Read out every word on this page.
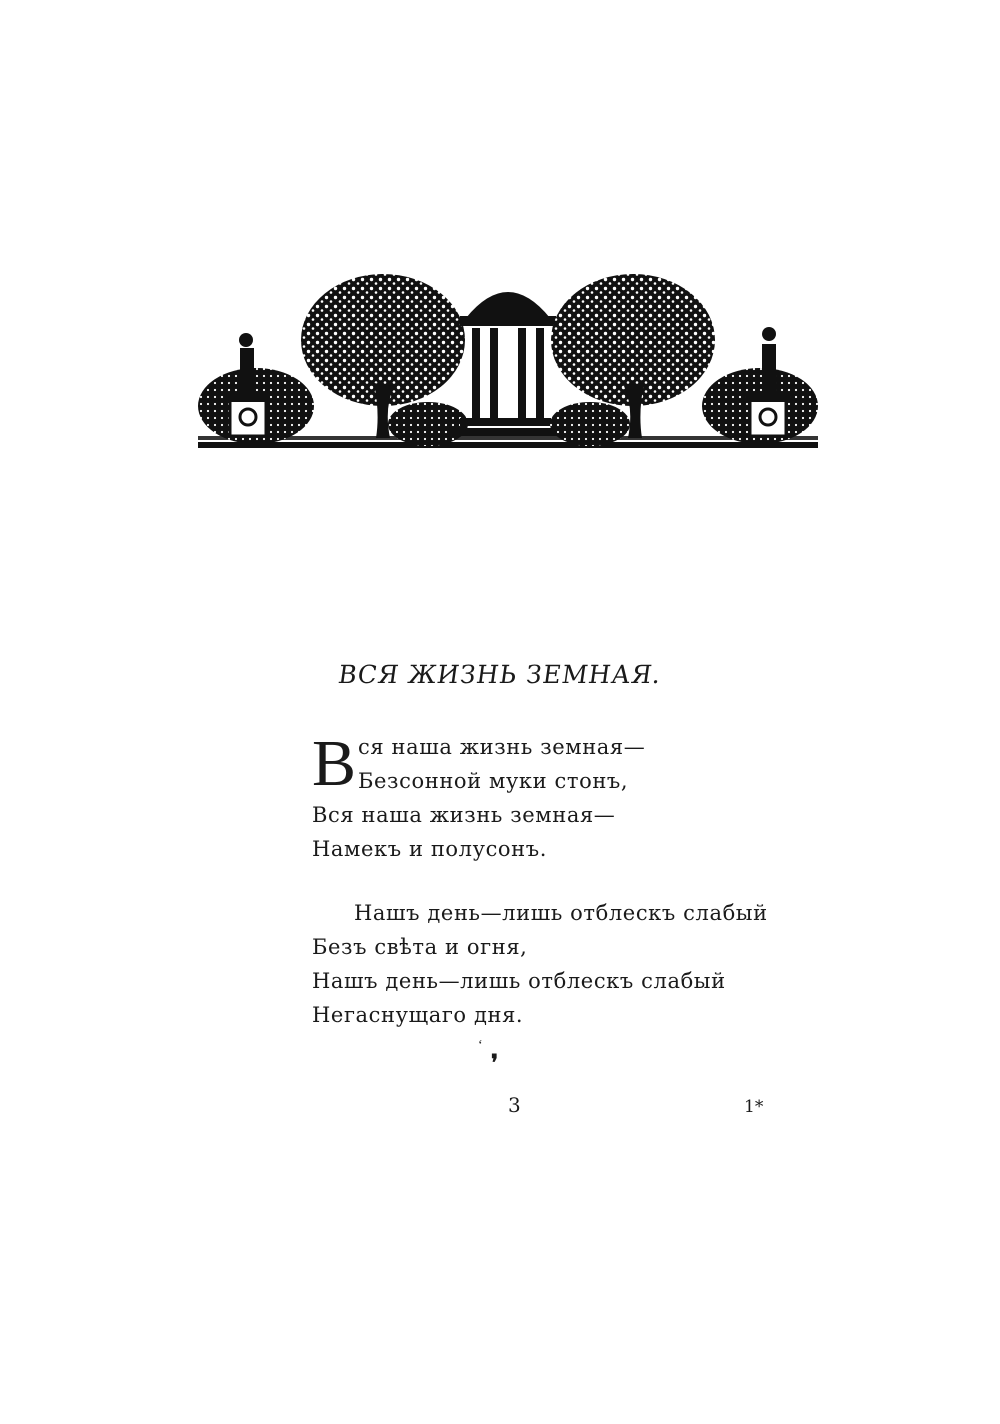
ВСЯ ЖИЗНЬ ЗЕМНАЯ.
В ся наша жизнь земная—
Безсонной муки стонъ,
Вся наша жизнь земная—
Намекъ и полусонъ.
Нашъ день—лишь отблескъ слабый
Безъ свѣта и огня,
Нашъ день—лишь отблескъ слабый
Негаснущаго дня.
‘
❜
3	1*
